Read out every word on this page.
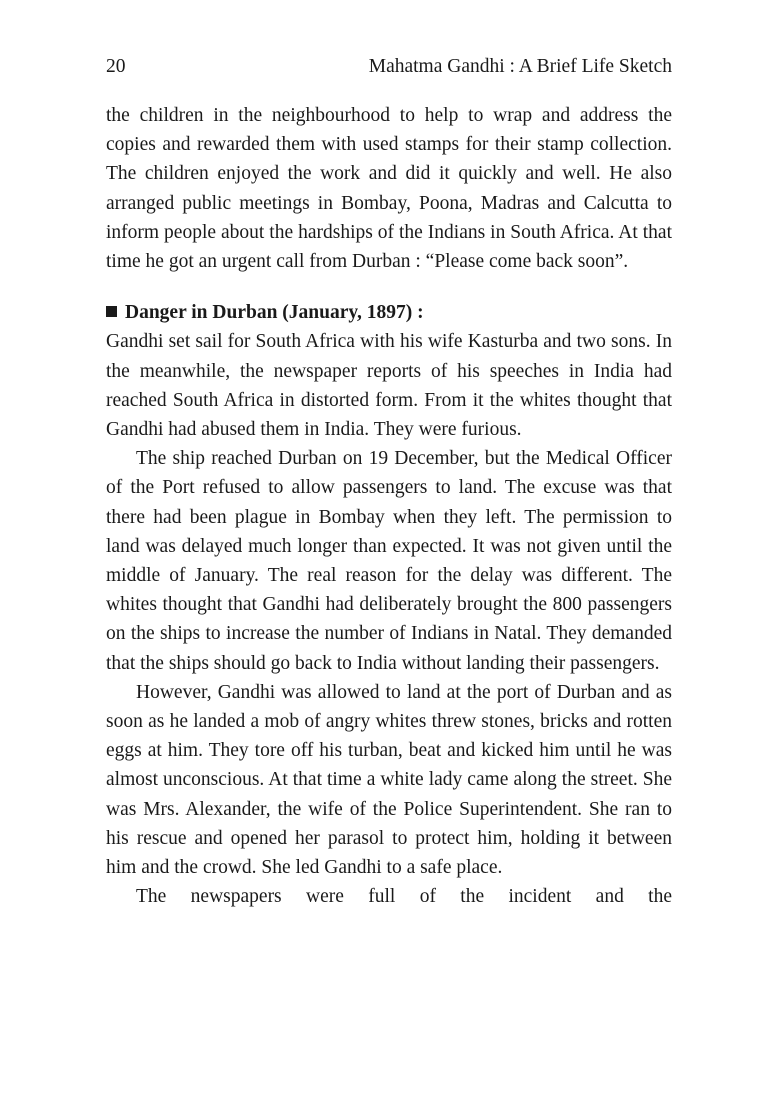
20	Mahatma Gandhi : A Brief Life Sketch

the children in the neighbourhood to help to wrap and address the copies and rewarded them with used stamps for their stamp collection. The children enjoyed the work and did it quickly and well. He also arranged public meetings in Bombay, Poona, Madras and Calcutta to inform people about the hardships of the Indians in South Africa. At that time he got an urgent call from Durban : “Please come back soon”.

Danger in Durban (January, 1897) :

Gandhi set sail for South Africa with his wife Kasturba and two sons. In the meanwhile, the newspaper reports of his speeches in India had reached South Africa in distorted form. From it the whites thought that Gandhi had abused them in India. They were furious.

The ship reached Durban on 19 December, but the Medical Officer of the Port refused to allow passengers to land. The excuse was that there had been plague in Bombay when they left. The permission to land was delayed much longer than expected. It was not given until the middle of January. The real reason for the delay was different. The whites thought that Gandhi had deliberately brought the 800 passengers on the ships to increase the number of Indians in Natal. They demanded that the ships should go back to India without landing their passengers.

However, Gandhi was allowed to land at the port of Durban and as soon as he landed a mob of angry whites threw stones, bricks and rotten eggs at him. They tore off his turban, beat and kicked him until he was almost unconscious. At that time a white lady came along the street. She was Mrs. Alexander, the wife of the Police Superintendent. She ran to his rescue and opened her parasol to protect him, holding it between him and the crowd. She led Gandhi to a safe place.

The newspapers were full of the incident and the
